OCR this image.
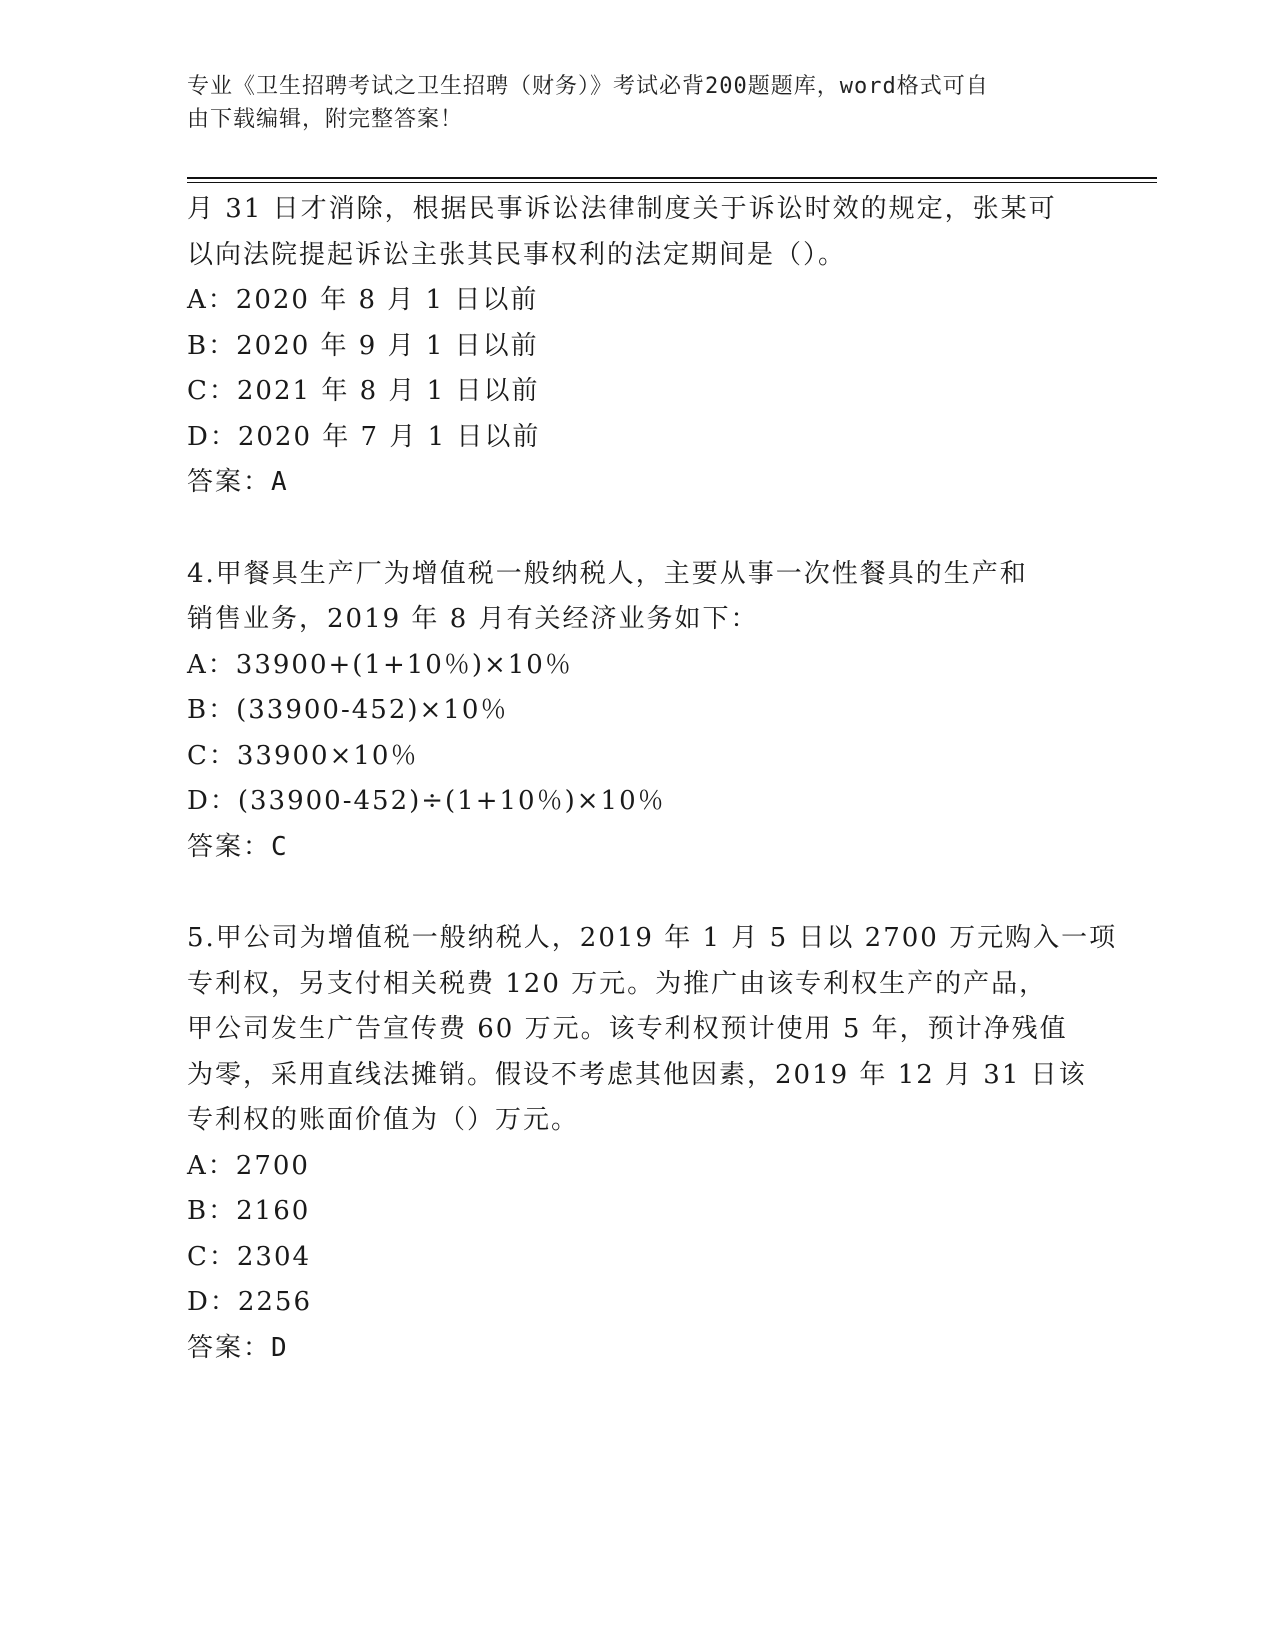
专业《卫生招聘考试之卫生招聘（财务）》考试必背200题题库，word格式可自
由下载编辑，附完整答案！
月 31 日才消除，根据民事诉讼法律制度关于诉讼时效的规定，张某可
以向法院提起诉讼主张其民事权利的法定期间是（）。
A：2020 年 8 月 1 日以前
B：2020 年 9 月 1 日以前
C：2021 年 8 月 1 日以前
D：2020 年 7 月 1 日以前
答案：A
4.甲餐具生产厂为增值税一般纳税人，主要从事一次性餐具的生产和
销售业务，2019 年 8 月有关经济业务如下：
A：33900+(1+10％)×10％
B：(33900-452)×10％
C：33900×10％
D：(33900-452)÷(1+10％)×10％
答案：C
5.甲公司为增值税一般纳税人，2019 年 1 月 5 日以 2700 万元购入一项
专利权，另支付相关税费 120 万元。为推广由该专利权生产的产品，
甲公司发生广告宣传费 60 万元。该专利权预计使用 5 年，预计净残值
为零，采用直线法摊销。假设不考虑其他因素，2019 年 12 月 31 日该
专利权的账面价值为（）万元。
A：2700
B：2160
C：2304
D：2256
答案：D
